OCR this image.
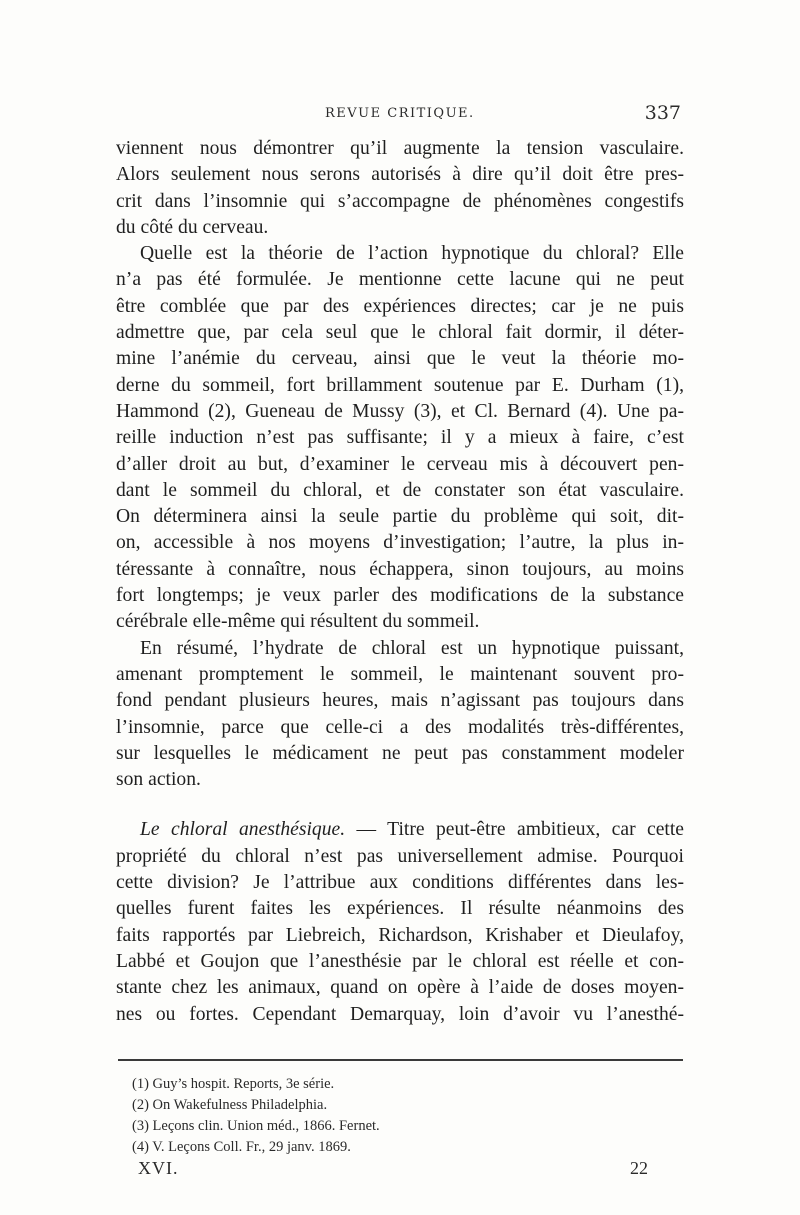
REVUE CRITIQUE.	337
viennent nous démontrer qu’il augmente la tension vasculaire.
Alors seulement nous serons autorisés à dire qu’il doit être pres-
crit dans l’insomnie qui s’accompagne de phénomènes congestifs
du côté du cerveau.
Quelle est la théorie de l’action hypnotique du chloral? Elle
n’a pas été formulée. Je mentionne cette lacune qui ne peut
être comblée que par des expériences directes; car je ne puis
admettre que, par cela seul que le chloral fait dormir, il déter-
mine l’anémie du cerveau, ainsi que le veut la théorie mo-
derne du sommeil, fort brillamment soutenue par E. Durham (1),
Hammond (2), Gueneau de Mussy (3), et Cl. Bernard (4). Une pa-
reille induction n’est pas suffisante; il y a mieux à faire, c’est
d’aller droit au but, d’examiner le cerveau mis à découvert pen-
dant le sommeil du chloral, et de constater son état vasculaire.
On déterminera ainsi la seule partie du problème qui soit, dit-
on, accessible à nos moyens d’investigation; l’autre, la plus in-
téressante à connaître, nous échappera, sinon toujours, au moins
fort longtemps; je veux parler des modifications de la substance
cérébrale elle-même qui résultent du sommeil.
En résumé, l’hydrate de chloral est un hypnotique puissant,
amenant promptement le sommeil, le maintenant souvent pro-
fond pendant plusieurs heures, mais n’agissant pas toujours dans
l’insomnie, parce que celle-ci a des modalités très-différentes,
sur lesquelles le médicament ne peut pas constamment modeler
son action.
Le chloral anesthésique. — Titre peut-être ambitieux, car cette
propriété du chloral n’est pas universellement admise. Pourquoi
cette division? Je l’attribue aux conditions différentes dans les-
quelles furent faites les expériences. Il résulte néanmoins des
faits rapportés par Liebreich, Richardson, Krishaber et Dieulafoy,
Labbé et Goujon que l’anesthésie par le chloral est réelle et con-
stante chez les animaux, quand on opère à l’aide de doses moyen-
nes ou fortes. Cependant Demarquay, loin d’avoir vu l’anesthé-
(1) Guy’s hospit. Reports, 3e série.
(2) On Wakefulness Philadelphia.
(3) Leçons clin. Union méd., 1866. Fernet.
(4) V. Leçons Coll. Fr., 29 janv. 1869.
XVI.	22
